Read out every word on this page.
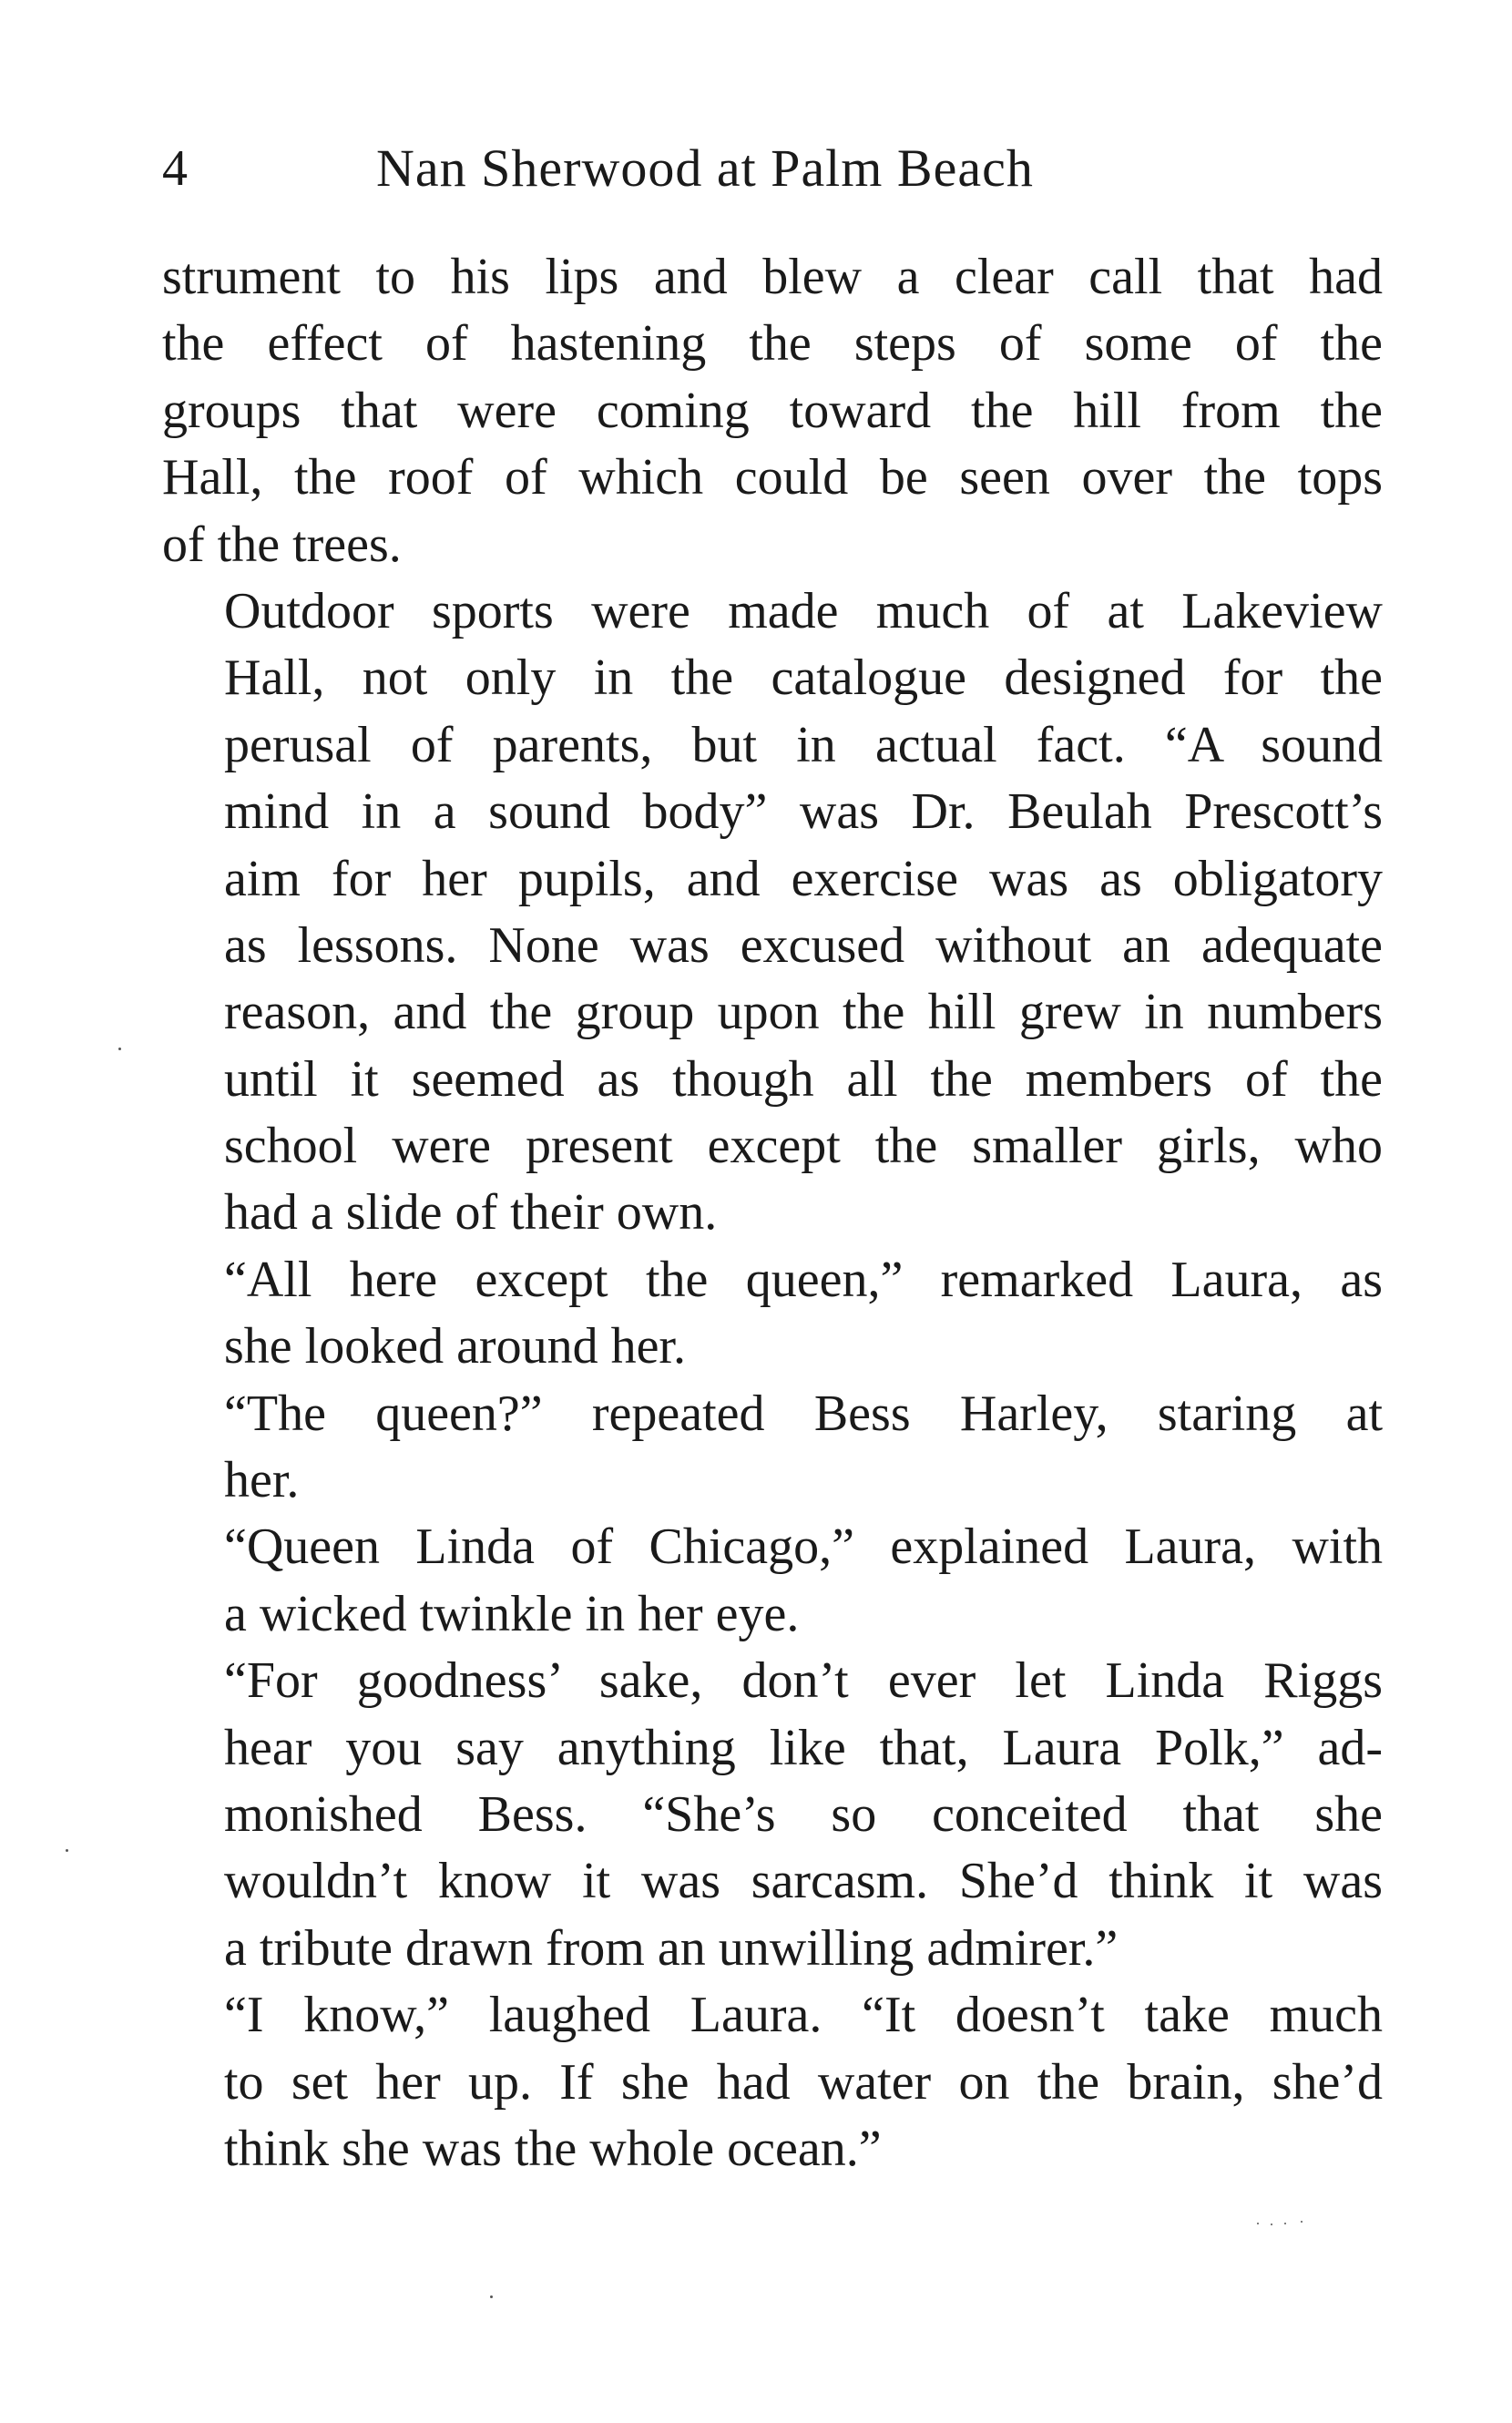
4	Nan Sherwood at Palm Beach

strument to his lips and blew a clear call that had
the effect of hastening the steps of some of the
groups that were coming toward the hill from the
Hall, the roof of which could be seen over the tops
of the trees.

Outdoor sports were made much of at Lakeview
Hall, not only in the catalogue designed for the
perusal of parents, but in actual fact. “A sound
mind in a sound body” was Dr. Beulah Prescott’s
aim for her pupils, and exercise was as obligatory
as lessons. None was excused without an adequate
reason, and the group upon the hill grew in numbers
until it seemed as though all the members of the
school were present except the smaller girls, who
had a slide of their own.

“All here except the queen,” remarked Laura, as
she looked around her.

“The queen?” repeated Bess Harley, staring at
her.

“Queen Linda of Chicago,” explained Laura, with
a wicked twinkle in her eye.

“For goodness’ sake, don’t ever let Linda Riggs
hear you say anything like that, Laura Polk,” ad-
monished Bess. “She’s so conceited that she
wouldn’t know it was sarcasm. She’d think it was
a tribute drawn from an unwilling admirer.”

“I know,” laughed Laura. “It doesn’t take much
to set her up. If she had water on the brain, she’d
think she was the whole ocean.”
